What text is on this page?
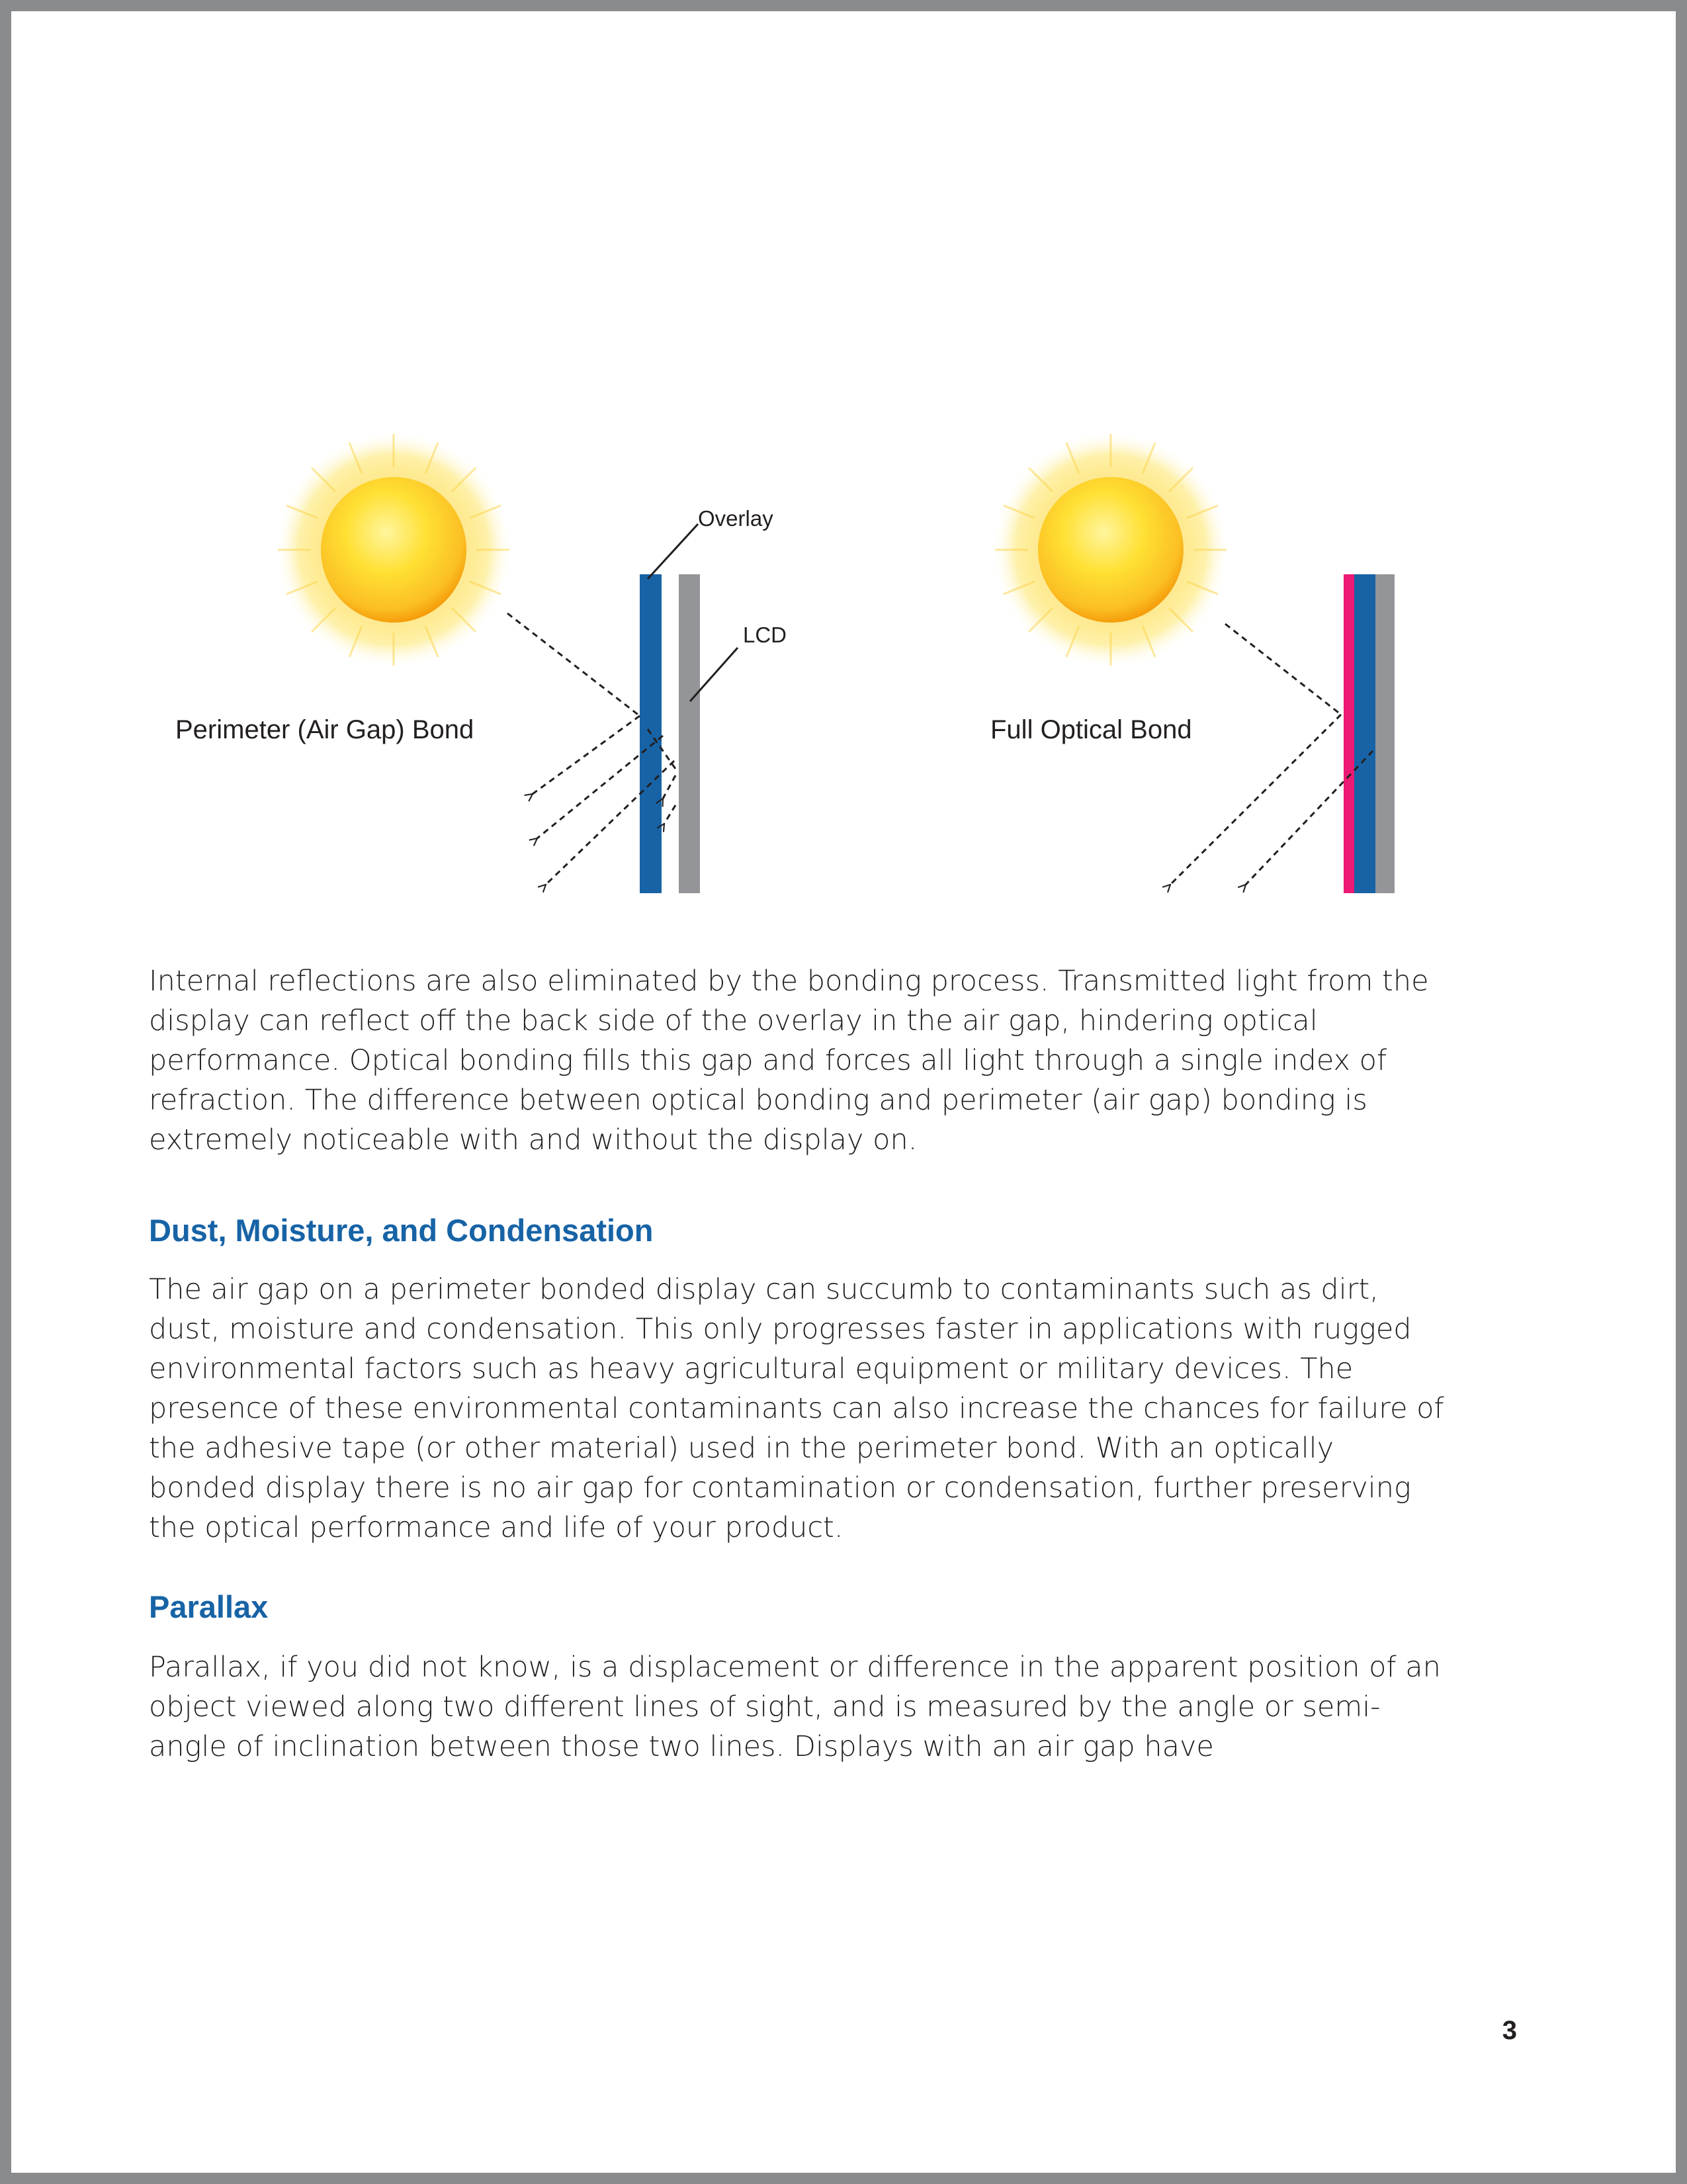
Overlay
LCD
Perimeter (Air Gap) Bond	Full Optical Bond

Internal reflections are also eliminated by the bonding process. Transmitted light from the display can reflect off the back side of the overlay in the air gap, hindering optical performance. Optical bonding fills this gap and forces all light through a single index of refraction. The difference between optical bonding and perimeter (air gap) bonding is extremely noticeable with and without the display on.

Dust, Moisture, and Condensation

The air gap on a perimeter bonded display can succumb to contaminants such as dirt, dust, moisture and condensation. This only progresses faster in applications with rugged environmental factors such as heavy agricultural equipment or military devices. The presence of these environmental contaminants can also increase the chances for failure of the adhesive tape (or other material) used in the perimeter bond. With an optically bonded display there is no air gap for contamination or condensation, further preserving the optical performance and life of your product.

Parallax

Parallax, if you did not know, is a displacement or difference in the apparent position of an object viewed along two different lines of sight, and is measured by the angle or semi-angle of inclination between those two lines. Displays with an air gap have

3
